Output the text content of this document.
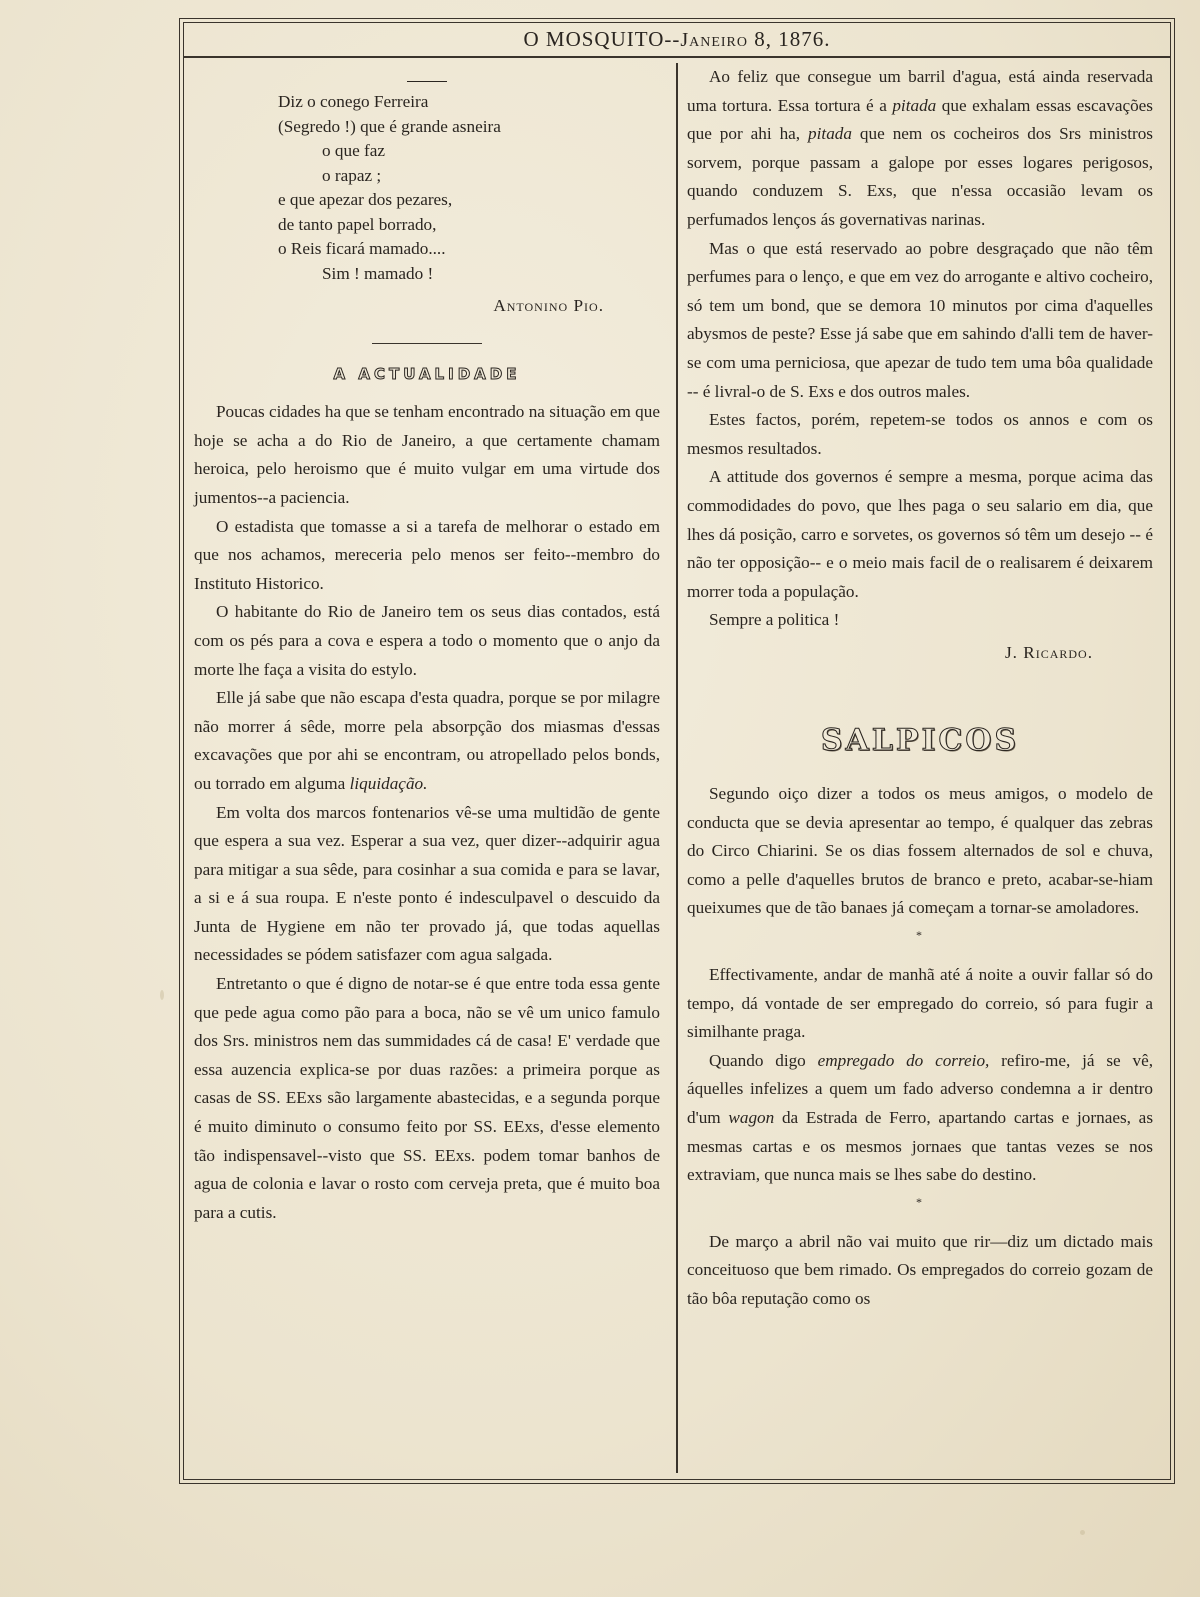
O MOSQUITO--Janeiro 8, 1876.
Diz o conego Ferreira
(Segredo !) que é grande asneira
o que faz
o rapaz ;
e que apezar dos pezares,
de tanto papel borrado,
o Reis ficará mamado....
Sim ! mamado !
Antonino Pio.
A ACTUALIDADE

Poucas cidades ha que se tenham encontrado na situação em que hoje se acha a do Rio de Janeiro, a que certamente chamam heroica, pelo heroismo que é muito vulgar em uma virtude dos jumentos--a paciencia.

O estadista que tomasse a si a tarefa de melhorar o estado em que nos achamos, mereceria pelo menos ser feito--membro do Instituto Historico.

O habitante do Rio de Janeiro tem os seus dias contados, está com os pés para a cova e espera a todo o momento que o anjo da morte lhe faça a visita do estylo.

Elle já sabe que não escapa d'esta quadra, porque se por milagre não morrer á sêde, morre pela absorpção dos miasmas d'essas excavações que por ahi se encontram, ou atropellado pelos bonds, ou torrado em alguma liquidação.

Em volta dos marcos fontenarios vê-se uma multidão de gente que espera a sua vez. Esperar a sua vez, quer dizer--adquirir agua para mitigar a sua sêde, para cosinhar a sua comida e para se lavar, a si e á sua roupa. E n'este ponto é indesculpavel o descuido da Junta de Hygiene em não ter provado já, que todas aquellas necessidades se pódem satisfazer com agua salgada.

Entretanto o que é digno de notar-se é que entre toda essa gente que pede agua como pão para a boca, não se vê um unico famulo dos Srs. ministros nem das summidades cá de casa! E' verdade que essa auzencia explica-se por duas razões: a primeira porque as casas de SS. EExs são largamente abastecidas, e a segunda porque é muito diminuto o consumo feito por SS. EExs, d'esse elemento tão indispensavel--visto que SS. EExs. podem tomar banhos de agua de colonia e lavar o rosto com cerveja preta, que é muito boa para a cutis.

Ao feliz que consegue um barril d'agua, está ainda reservada uma tortura. Essa tortura é a pitada que exhalam essas escavações que por ahi ha, pitada que nem os cocheiros dos Srs ministros sorvem, porque passam a galope por esses logares perigosos, quando conduzem S. Exs, que n'essa occasião levam os perfumados lenços ás governativas narinas.

Mas o que está reservado ao pobre desgraçado que não têm perfumes para o lenço, e que em vez do arrogante e altivo cocheiro, só tem um bond, que se demora 10 minutos por cima d'aquelles abysmos de peste? Esse já sabe que em sahindo d'alli tem de haver-se com uma perniciosa, que apezar de tudo tem uma bôa qualidade -- é livral-o de S. Exs e dos outros males.

Estes factos, porém, repetem-se todos os annos e com os mesmos resultados.

A attitude dos governos é sempre a mesma, porque acima das commodidades do povo, que lhes paga o seu salario em dia, que lhes dá posição, carro e sorvetes, os governos só têm um desejo -- é não ter opposição-- e o meio mais facil de o realisarem é deixarem morrer toda a população.

Sempre a politica !

J. Ricardo.
SALPICOS

Segundo oiço dizer a todos os meus amigos, o modelo de conducta que se devia apresentar ao tempo, é qualquer das zebras do Circo Chiarini. Se os dias fossem alternados de sol e chuva, como a pelle d'aquelles brutos de branco e preto, acabar-se-hiam queixumes que de tão banaes já começam a tornar-se amoladores.

*

Effectivamente, andar de manhã até á noite a ouvir fallar só do tempo, dá vontade de ser empregado do correio, só para fugir a similhante praga.

Quando digo empregado do correio, refiro-me, já se vê, áquelles infelizes a quem um fado adverso condemna a ir dentro d'um wagon da Estrada de Ferro, apartando cartas e jornaes, as mesmas cartas e os mesmos jornaes que tantas vezes se nos extraviam, que nunca mais se lhes sabe do destino.

*

De março a abril não vai muito que rir—diz um dictado mais conceituoso que bem rimado. Os empregados do correio gozam de tão bôa reputação como os
